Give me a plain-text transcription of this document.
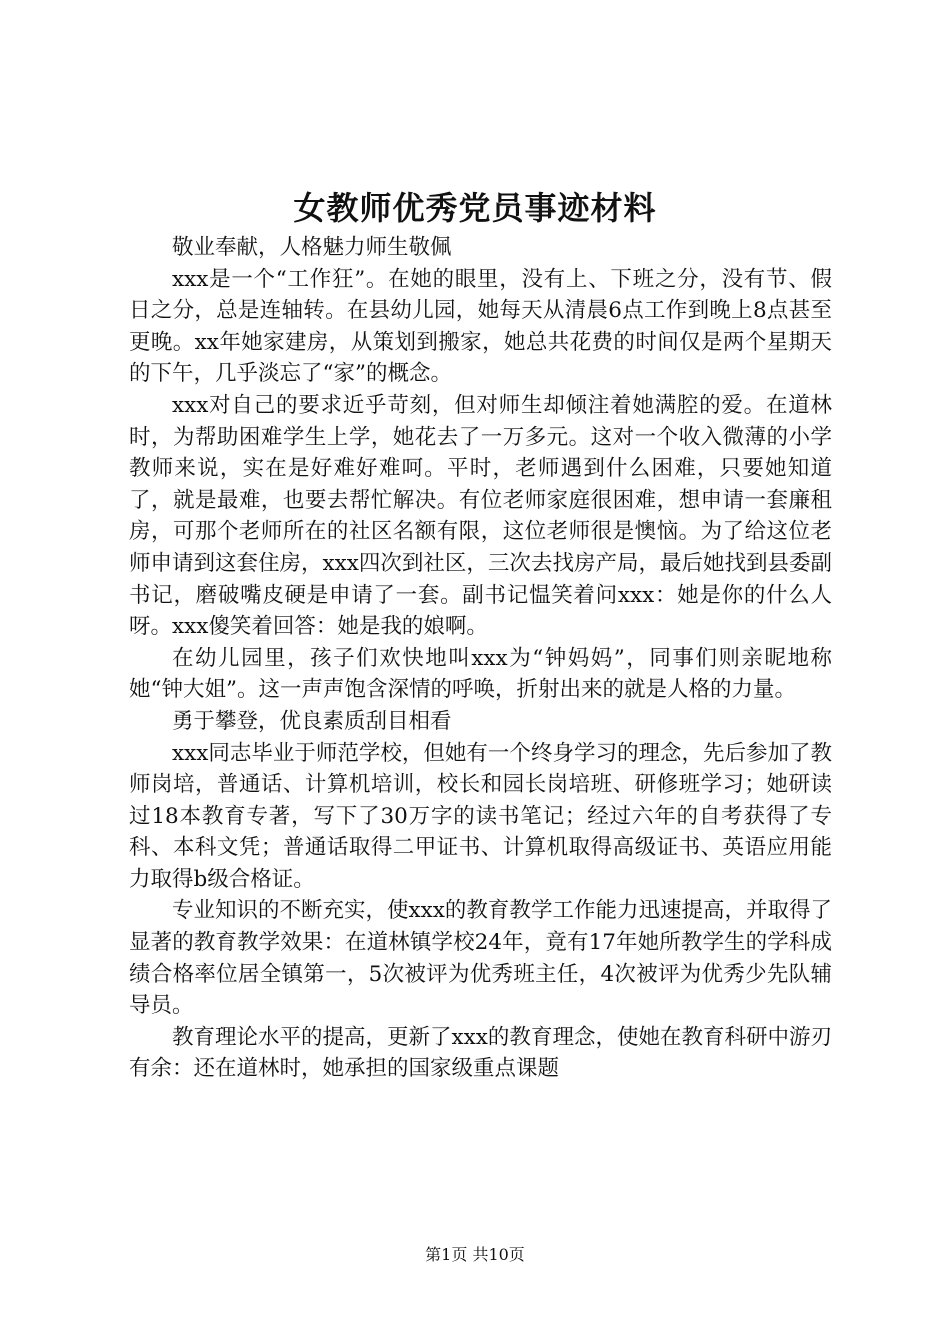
女教师优秀党员事迹材料

敬业奉献，人格魅力师生敬佩

xxx是一个“工作狂”。在她的眼里，没有上、下班之分，没有节、假日之分，总是连轴转。在县幼儿园，她每天从清晨6点工作到晚上8点甚至更晚。xx年她家建房，从策划到搬家，她总共花费的时间仅是两个星期天的下午，几乎淡忘了“家”的概念。

xxx对自己的要求近乎苛刻，但对师生却倾注着她满腔的爱。在道林时，为帮助困难学生上学，她花去了一万多元。这对一个收入微薄的小学教师来说，实在是好难好难呵。平时，老师遇到什么困难，只要她知道了，就是最难，也要去帮忙解决。有位老师家庭很困难，想申请一套廉租房，可那个老师所在的社区名额有限，这位老师很是懊恼。为了给这位老师申请到这套住房，xxx四次到社区，三次去找房产局，最后她找到县委副书记，磨破嘴皮硬是申请了一套。副书记愠笑着问xxx：她是你的什么人呀。xxx傻笑着回答：她是我的娘啊。

在幼儿园里，孩子们欢快地叫xxx为“钟妈妈”，同事们则亲昵地称她“钟大姐”。这一声声饱含深情的呼唤，折射出来的就是人格的力量。

勇于攀登，优良素质刮目相看

xxx同志毕业于师范学校，但她有一个终身学习的理念，先后参加了教师岗培，普通话、计算机培训，校长和园长岗培班、研修班学习；她研读过18本教育专著，写下了30万字的读书笔记；经过六年的自考获得了专科、本科文凭；普通话取得二甲证书、计算机取得高级证书、英语应用能力取得b级合格证。

专业知识的不断充实，使xxx的教育教学工作能力迅速提高，并取得了显著的教育教学效果：在道林镇学校24年，竟有17年她所教学生的学科成绩合格率位居全镇第一，5次被评为优秀班主任，4次被评为优秀少先队辅导员。

教育理论水平的提高，更新了xxx的教育理念，使她在教育科研中游刃有余：还在道林时，她承担的国家级重点课题

第1页 共10页
